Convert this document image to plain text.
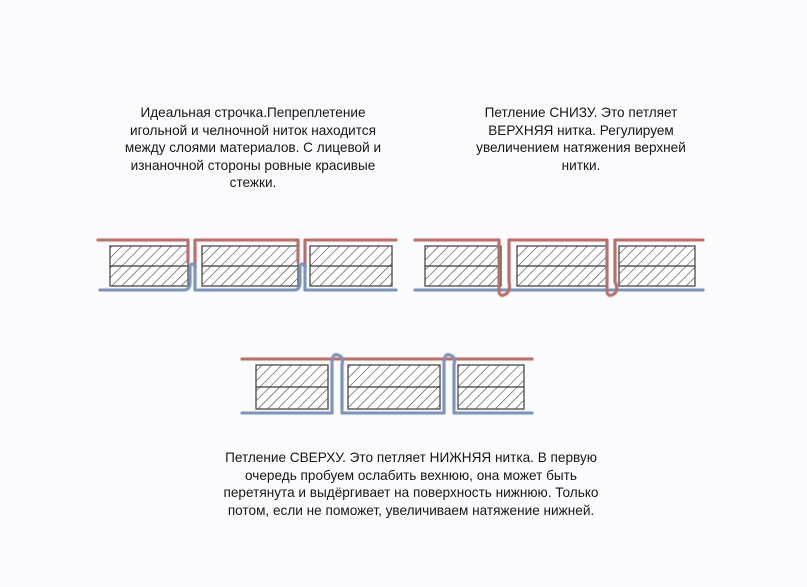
Идеальная строчка.Пепреплетение
игольной и челночной ниток находится
между слоями материалов. С лицевой и
изнаночной стороны ровные красивые
стежки.
Петление СНИЗУ. Это петляет
ВЕРХНЯЯ нитка. Регулируем
увеличением натяжения верхней
нитки.
Петление СВЕРХУ. Это петляет НИЖНЯЯ нитка. В первую
очередь пробуем ослабить вехнюю, она может быть
перетянута и выдёргивает на поверхность нижнюю. Только
потом, если не поможет, увеличиваем натяжение нижней.
